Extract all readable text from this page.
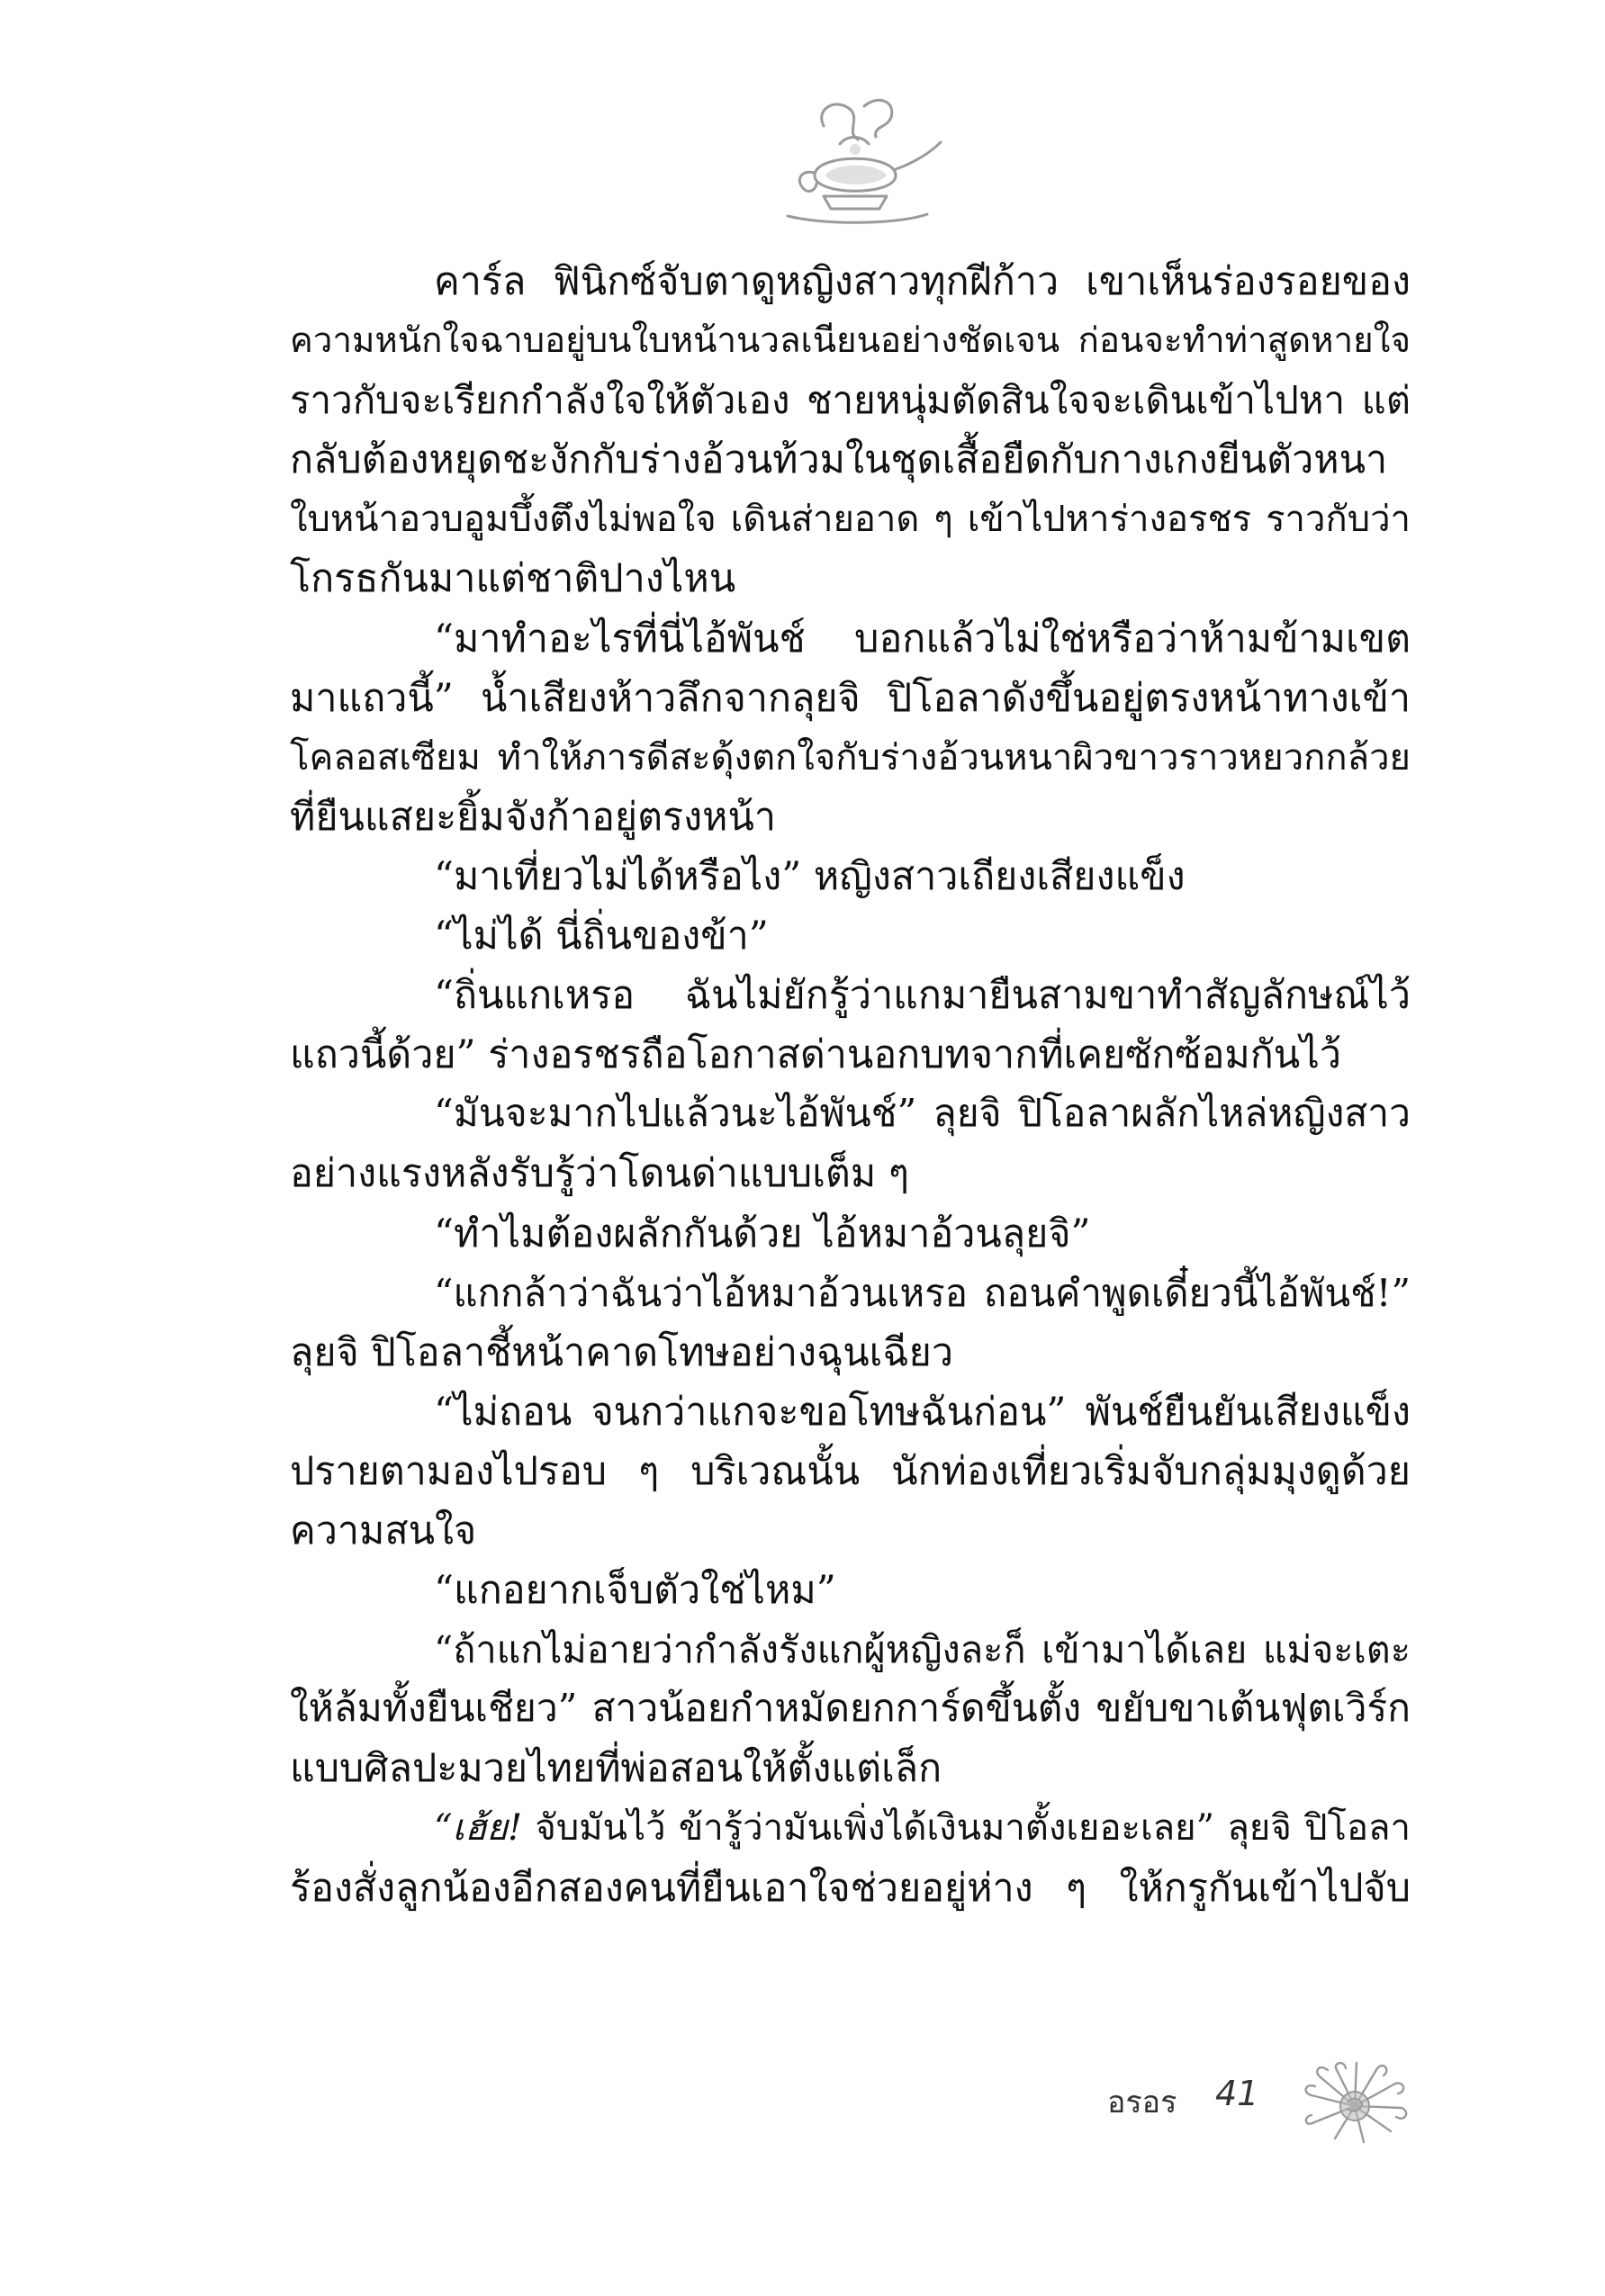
คาร์ล ฟินิกซ์จับตาดูหญิงสาวทุกฝีก้าว เขาเห็นร่องรอยของ
ความหนักใจฉาบอยู่บนใบหน้านวลเนียนอย่างชัดเจน ก่อนจะทำท่าสูดหายใจ
ราวกับจะเรียกกำลังใจให้ตัวเอง ชายหนุ่มตัดสินใจจะเดินเข้าไปหา แต่
กลับต้องหยุดชะงักกับร่างอ้วนท้วมในชุดเสื้อยืดกับกางเกงยีนตัวหนา
ใบหน้าอวบอูมบึ้งตึงไม่พอใจ เดินส่ายอาด ๆ เข้าไปหาร่างอรชร ราวกับว่า
โกรธกันมาแต่ชาติปางไหน
“มาทำอะไรที่นี่ไอ้พันช์ บอกแล้วไม่ใช่หรือว่าห้ามข้ามเขต
มาแถวนี้” น้ำเสียงห้าวลึกจากลุยจิ ปิโอลาดังขึ้นอยู่ตรงหน้าทางเข้า
โคลอสเซียม ทำให้ภารดีสะดุ้งตกใจกับร่างอ้วนหนาผิวขาวราวหยวกกล้วย
ที่ยืนแสยะยิ้มจังก้าอยู่ตรงหน้า
“มาเที่ยวไม่ได้หรือไง” หญิงสาวเถียงเสียงแข็ง
“ไม่ได้ นี่ถิ่นของข้า”
“ถิ่นแกเหรอ ฉันไม่ยักรู้ว่าแกมายืนสามขาทำสัญลักษณ์ไว้
แถวนี้ด้วย” ร่างอรชรถือโอกาสด่านอกบทจากที่เคยซักซ้อมกันไว้
“มันจะมากไปแล้วนะไอ้พันช์” ลุยจิ ปิโอลาผลักไหล่หญิงสาว
อย่างแรงหลังรับรู้ว่าโดนด่าแบบเต็ม ๆ
“ทำไมต้องผลักกันด้วย ไอ้หมาอ้วนลุยจิ”
“แกกล้าว่าฉันว่าไอ้หมาอ้วนเหรอ ถอนคำพูดเดี๋ยวนี้ไอ้พันช์!”
ลุยจิ ปิโอลาชี้หน้าคาดโทษอย่างฉุนเฉียว
“ไม่ถอน จนกว่าแกจะขอโทษฉันก่อน” พันช์ยืนยันเสียงแข็ง
ปรายตามองไปรอบ ๆ บริเวณนั้น นักท่องเที่ยวเริ่มจับกลุ่มมุงดูด้วย
ความสนใจ
“แกอยากเจ็บตัวใช่ไหม”
“ถ้าแกไม่อายว่ากำลังรังแกผู้หญิงละก็ เข้ามาได้เลย แม่จะเตะ
ให้ล้มทั้งยืนเชียว” สาวน้อยกำหมัดยกการ์ดขึ้นตั้ง ขยับขาเต้นฟุตเวิร์ก
แบบศิลปะมวยไทยที่พ่อสอนให้ตั้งแต่เล็ก
“เฮ้ย! จับมันไว้ ข้ารู้ว่ามันเพิ่งได้เงินมาตั้งเยอะเลย” ลุยจิ ปิโอลา
ร้องสั่งลูกน้องอีกสองคนที่ยืนเอาใจช่วยอยู่ห่าง ๆ ให้กรูกันเข้าไปจับ
อรอร 41
